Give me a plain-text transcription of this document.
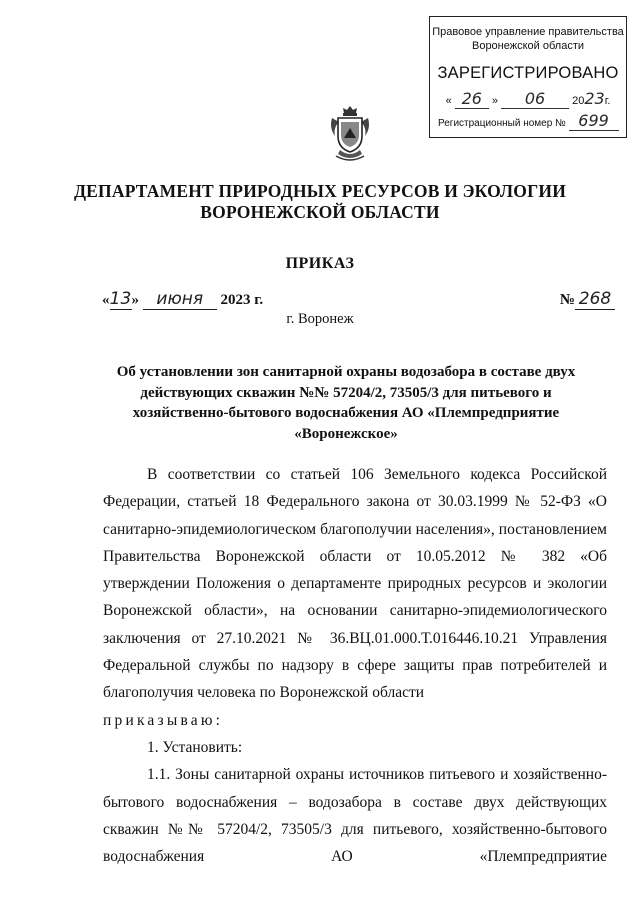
Правовое управление правительства
Воронежской области
ЗАРЕГИСТРИРОВАНО
« 26 » 06 2023г.
Регистрационный номер № 699
ДЕПАРТАМЕНТ ПРИРОДНЫХ РЕСУРСОВ И ЭКОЛОГИИ
ВОРОНЕЖСКОЙ ОБЛАСТИ
ПРИКАЗ
«13» июня 2023 г.	№ 268
г. Воронеж
Об установлении зон санитарной охраны водозабора в составе двух
действующих скважин №№ 57204/2, 73505/3 для питьевого и
хозяйственно-бытового водоснабжения АО «Племпредприятие
«Воронежское»

В соответствии со статьей 106 Земельного кодекса Российской Федерации, статьей 18 Федерального закона от 30.03.1999 № 52-ФЗ «О санитарно-эпидемиологическом благополучии населения», постановлением Правительства Воронежской области от 10.05.2012 № 382 «Об утверждении Положения о департаменте природных ресурсов и экологии Воронежской области», на основании санитарно-эпидемиологического заключения от 27.10.2021 № 36.ВЦ.01.000.Т.016446.10.21 Управления Федеральной службы по надзору в сфере защиты прав потребителей и благополучия человека по Воронежской области

приказываю:

1. Установить:

1.1. Зоны санитарной охраны источников питьевого и хозяйственно-бытового водоснабжения – водозабора в составе двух действующих скважин №№ 57204/2, 73505/3 для питьевого, хозяйственно-бытового водоснабжения АО «Племпредприятие
